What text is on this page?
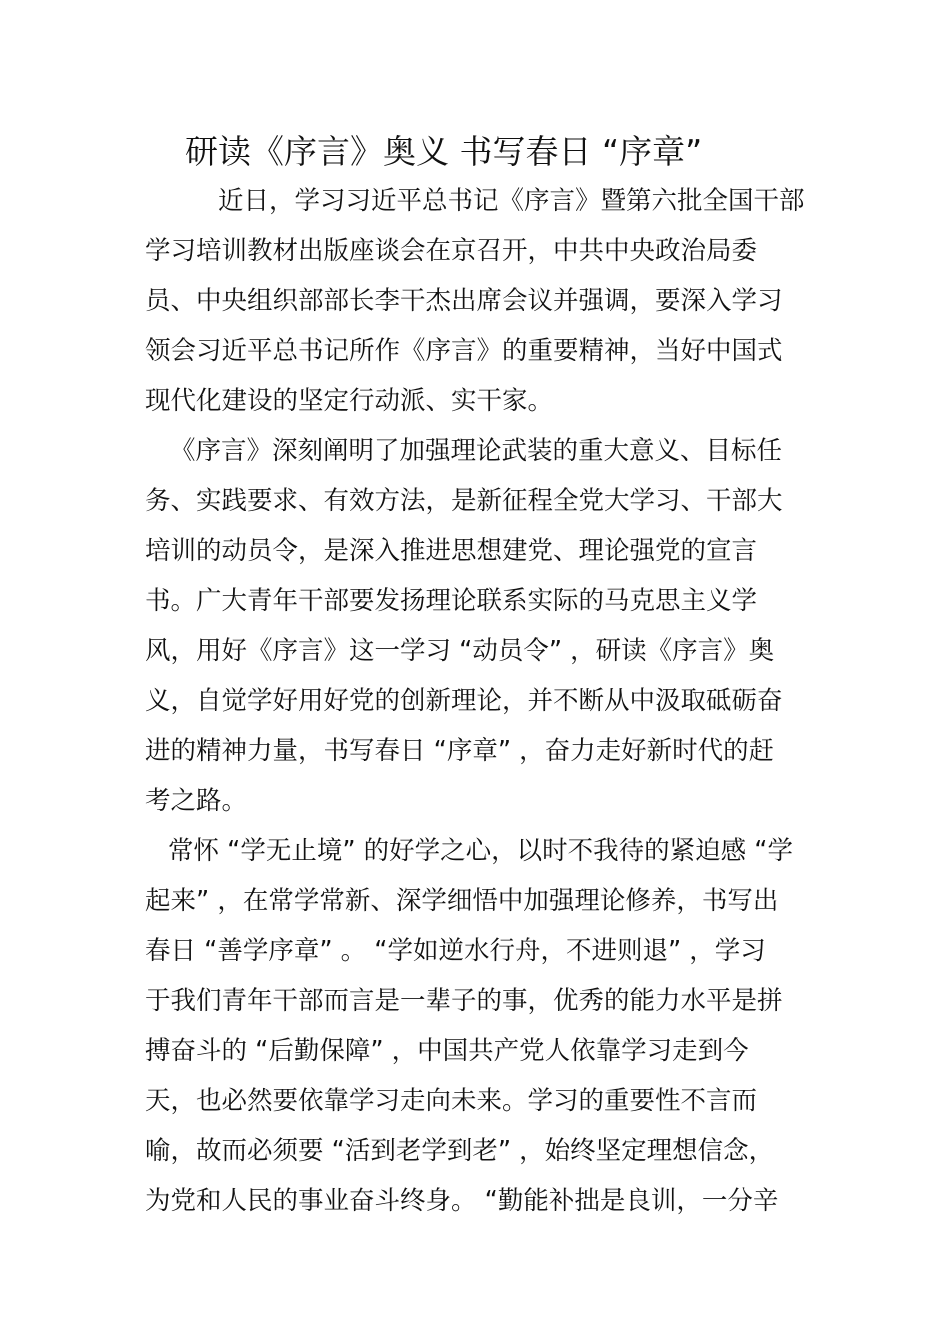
研读《序言》奥义 书写春日 “序章”
近日，学习习近平总书记《序言》暨第六批全国干部
学习培训教材出版座谈会在京召开，中共中央政治局委
员、中央组织部部长李干杰出席会议并强调，要深入学习
领会习近平总书记所作《序言》的重要精神，当好中国式
现代化建设的坚定行动派、实干家。
《序言》深刻阐明了加强理论武装的重大意义、目标任
务、实践要求、有效方法，是新征程全党大学习、干部大
培训的动员令，是深入推进思想建党、理论强党的宣言
书。广大青年干部要发扬理论联系实际的马克思主义学
风，用好《序言》这一学习 “动员令” ，研读《序言》奥
义，自觉学好用好党的创新理论，并不断从中汲取砥砺奋
进的精神力量，书写春日 “序章” ，奋力走好新时代的赶
考之路。
常怀 “学无止境” 的好学之心，以时不我待的紧迫感 “学
起来” ，在常学常新、深学细悟中加强理论修养，书写出
春日 “善学序章” 。 “学如逆水行舟，不进则退” ，学习
于我们青年干部而言是一辈子的事，优秀的能力水平是拼
搏奋斗的 “后勤保障” ，中国共产党人依靠学习走到今
天，也必然要依靠学习走向未来。学习的重要性不言而
喻，故而必须要 “活到老学到老” ，始终坚定理想信念，
为党和人民的事业奋斗终身。 “勤能补拙是良训，一分辛
